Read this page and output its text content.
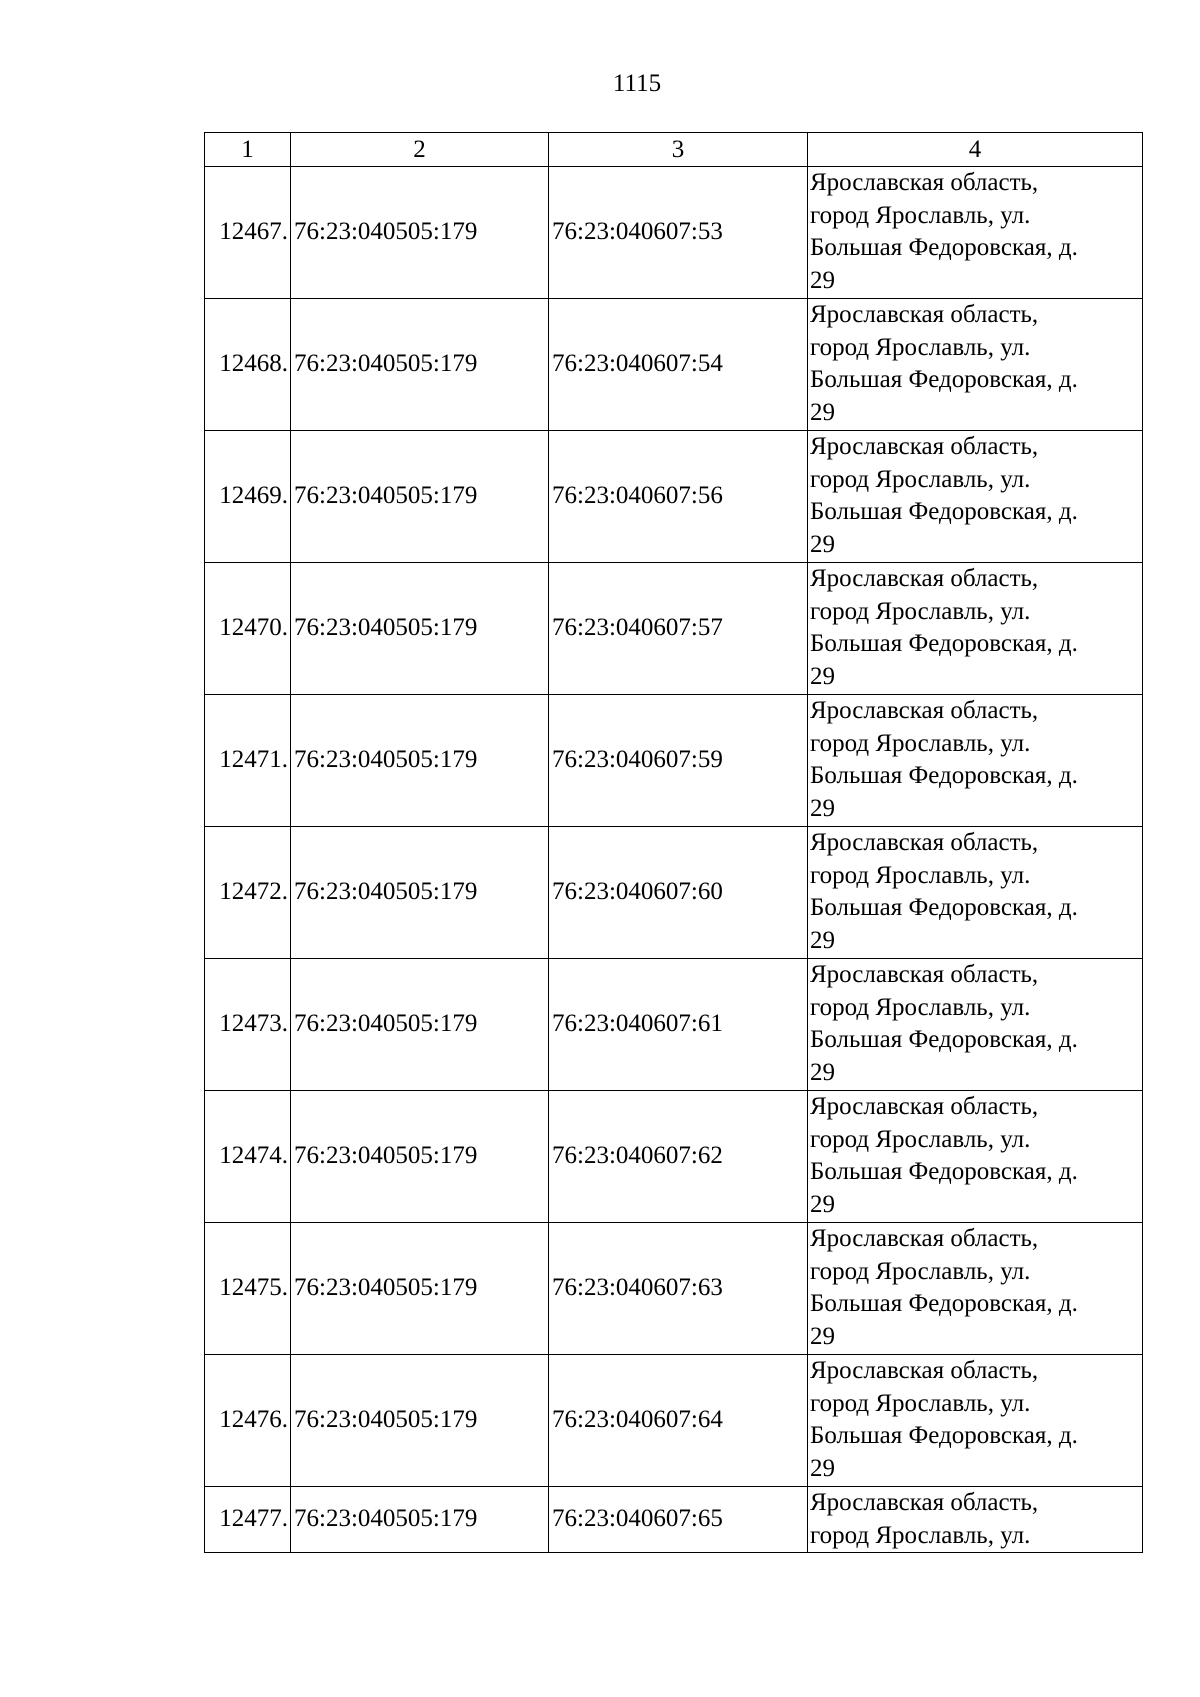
1115
1	2	3	4
12467.	76:23:040505:179	76:23:040607:53	Ярославская область,
город Ярославль, ул.
Большая Федоровская, д.
29

12468.	76:23:040505:179	76:23:040607:54	Ярославская область,
город Ярославль, ул.
Большая Федоровская, д.
29

12469.	76:23:040505:179	76:23:040607:56	Ярославская область,
город Ярославль, ул.
Большая Федоровская, д.
29

12470.	76:23:040505:179	76:23:040607:57	Ярославская область,
город Ярославль, ул.
Большая Федоровская, д.
29

12471.	76:23:040505:179	76:23:040607:59	Ярославская область,
город Ярославль, ул.
Большая Федоровская, д.
29

12472.	76:23:040505:179	76:23:040607:60	Ярославская область,
город Ярославль, ул.
Большая Федоровская, д.
29

12473.	76:23:040505:179	76:23:040607:61	Ярославская область,
город Ярославль, ул.
Большая Федоровская, д.
29

12474.	76:23:040505:179	76:23:040607:62	Ярославская область,
город Ярославль, ул.
Большая Федоровская, д.
29

12475.	76:23:040505:179	76:23:040607:63	Ярославская область,
город Ярославль, ул.
Большая Федоровская, д.
29

12476.	76:23:040505:179	76:23:040607:64	Ярославская область,
город Ярославль, ул.
Большая Федоровская, д.
29

12477.	76:23:040505:179	76:23:040607:65	Ярославская область,
город Ярославль, ул.
